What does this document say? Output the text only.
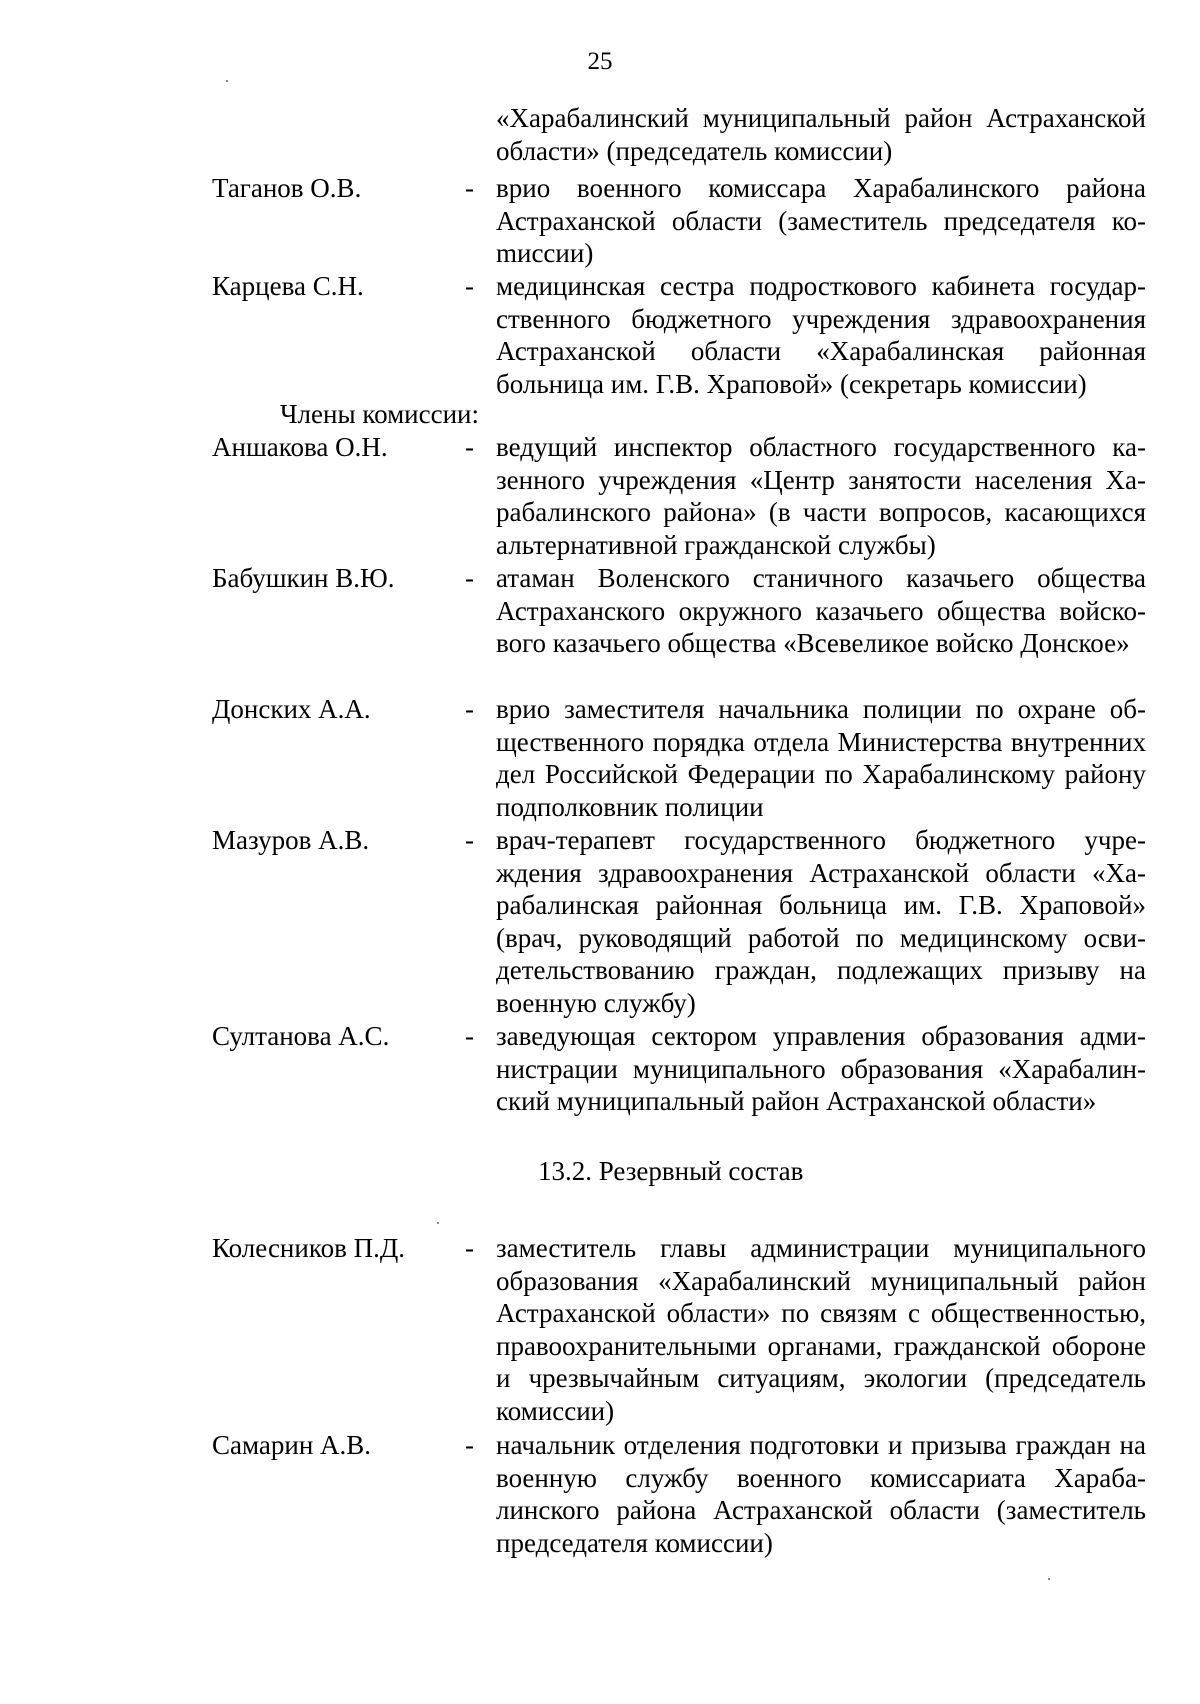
25
«Харабалинский муниципальный район Астраханской области» (председатель комиссии)
Таганов О.В.	- врио военного комиссара Харабалинского района Астраханской области (заместитель председателя коmиссии)
Карцева С.Н.	- медицинская сестра подросткового кабинета государственного бюджетного учреждения здравоохранения Астраханской области «Харабалинская районная больница им. Г.В. Храповой» (секретарь комиссии)
Члены комиссии:
Аншакова О.Н.	- ведущий инспектор областного государственного казенного учреждения «Центр занятости населения Харабалинского района» (в части вопросов, касающихся альтернативной гражданской службы)
Бабушкин В.Ю.	- атаман Воленского станичного казачьего общества Астраханского окружного казачьего общества войскового казачьего общества «Всевеликое войско Донское»
Донских А.А.	- врио заместителя начальника полиции по охране общественного порядка отдела Министерства внутренних дел Российской Федерации по Харабалинскому району подполковник полиции
Мазуров А.В.	- врач-терапевт государственного бюджетного учреждения здравоохранения Астраханской области «Харабалинская районная больница им. Г.В. Храповой» (врач, руководящий работой по медицинскому освидетельствованию граждан, подлежащих призыву на военную службу)
Султанова А.С.	- заведующая сектором управления образования администрации муниципального образования «Харабалинский муниципальный район Астраханской области»
13.2. Резервный состав
Колесников П.Д. - заместитель главы администрации муниципального образования «Харабалинский муниципальный район Астраханской области» по связям с общественностью, правоохранительными органами, гражданской обороне и чрезвычайным ситуациям, экологии (председатель комиссии)
Самарин А.В.	- начальник отделения подготовки и призыва граждан на военную службу военного комиссариата Харабалинского района Астраханской области (заместитель председателя комиссии)
